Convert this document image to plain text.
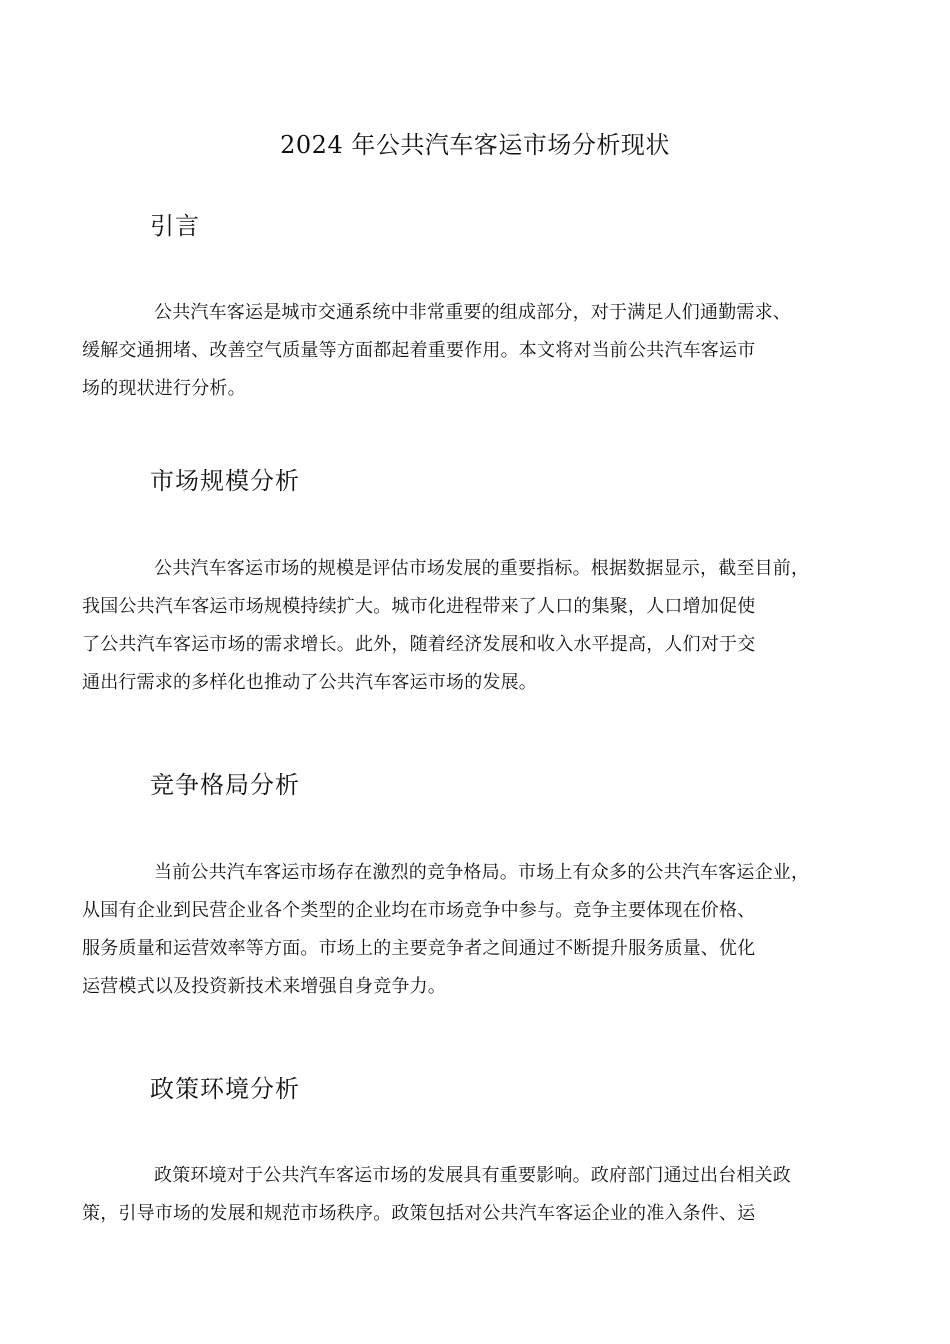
2024 年公共汽车客运市场分析现状
引言
公共汽车客运是城市交通系统中非常重要的组成部分，对于满足人们通勤需求、
缓解交通拥堵、改善空气质量等方面都起着重要作用。本文将对当前公共汽车客运市
场的现状进行分析。
市场规模分析
公共汽车客运市场的规模是评估市场发展的重要指标。根据数据显示，截至目前，
我国公共汽车客运市场规模持续扩大。城市化进程带来了人口的集聚，人口增加促使
了公共汽车客运市场的需求增长。此外，随着经济发展和收入水平提高，人们对于交
通出行需求的多样化也推动了公共汽车客运市场的发展。
竞争格局分析
当前公共汽车客运市场存在激烈的竞争格局。市场上有众多的公共汽车客运企业，
从国有企业到民营企业各个类型的企业均在市场竞争中参与。竞争主要体现在价格、
服务质量和运营效率等方面。市场上的主要竞争者之间通过不断提升服务质量、优化
运营模式以及投资新技术来增强自身竞争力。
政策环境分析
政策环境对于公共汽车客运市场的发展具有重要影响。政府部门通过出台相关政
策，引导市场的发展和规范市场秩序。政策包括对公共汽车客运企业的准入条件、运
